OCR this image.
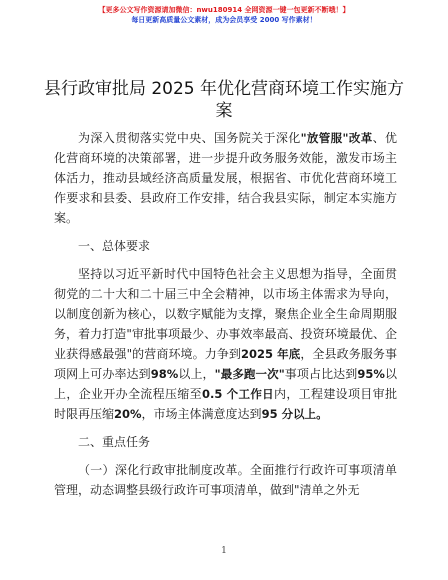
【更多公文写作资源请加微信：nwu180914 全网资源一键一包更新不断哦！】
每日更新高质量公文素材，成为会员享受 2000 写作素材！
县行政审批局 2025 年优化营商环境工作实施方案

为深入贯彻落实党中央、国务院关于深化"放管服"改革、优化营商环境的决策部署，进一步提升政务服务效能，激发市场主体活力，推动县域经济高质量发展，根据省、市优化营商环境工作要求和县委、县政府工作安排，结合我县实际，制定本实施方案。

一、总体要求

坚持以习近平新时代中国特色社会主义思想为指导，全面贯彻党的二十大和二十届三中全会精神，以市场主体需求为导向，以制度创新为核心，以数字赋能为支撑，聚焦企业全生命周期服务，着力打造"审批事项最少、办事效率最高、投资环境最优、企业获得感最强"的营商环境。力争到2025 年底，全县政务服务事项网上可办率达到98%以上，"最多跑一次"事项占比达到95%以上，企业开办全流程压缩至0.5 个工作日内，工程建设项目审批时限再压缩20%，市场主体满意度达到95 分以上。

二、重点任务

（一）深化行政审批制度改革。全面推行行政许可事项清单管理，动态调整县级行政许可事项清单，做到"清单之外无

1
